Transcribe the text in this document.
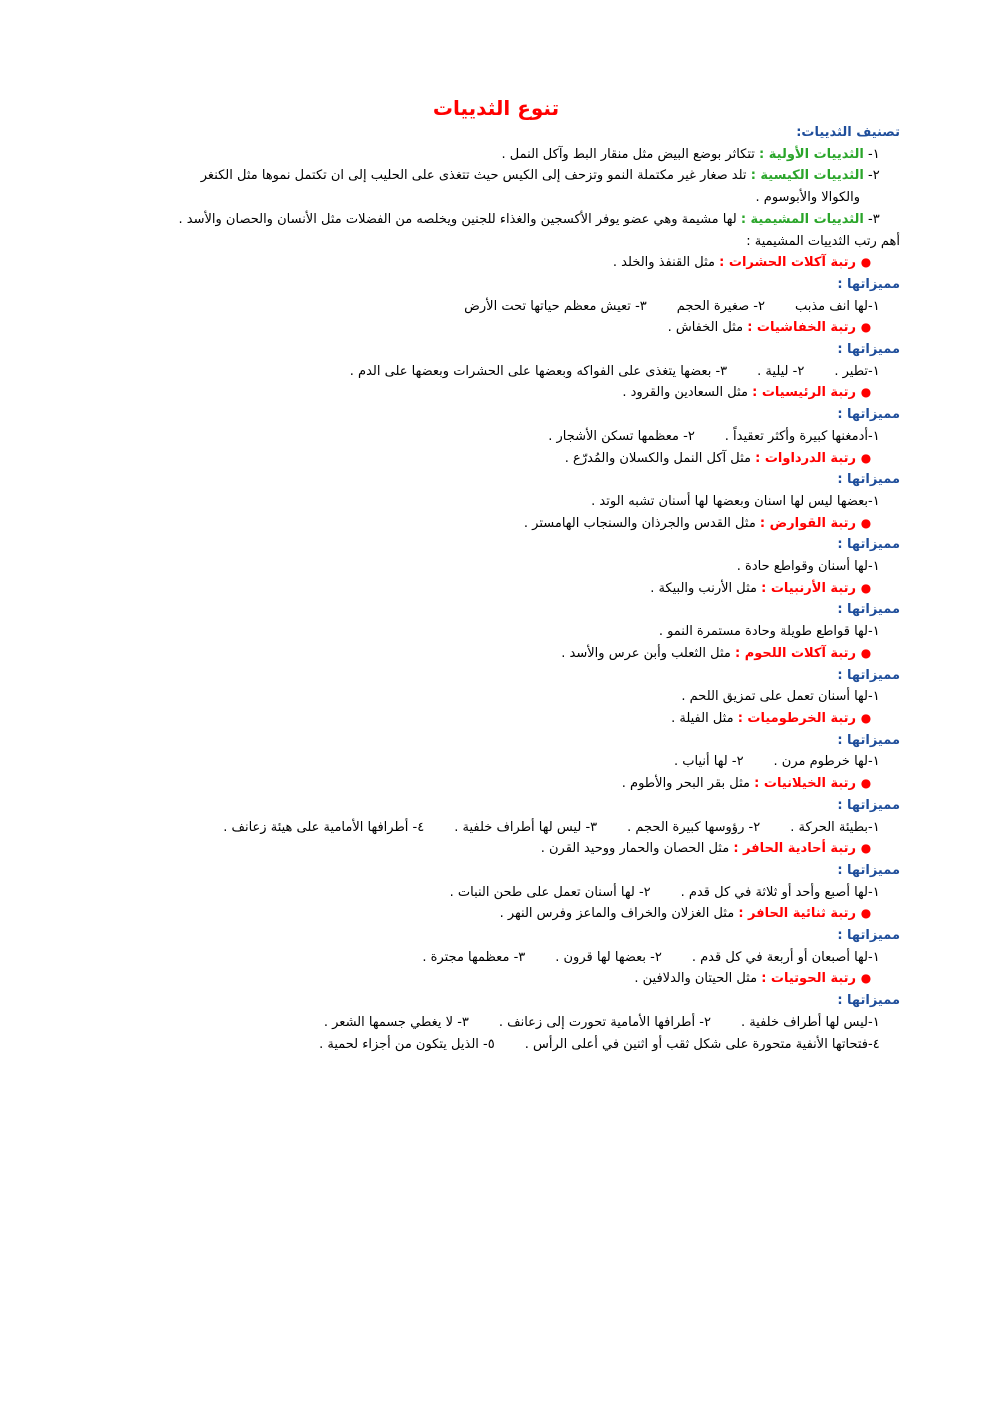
تنوع الثدييات
تصنيف الثدييات:
١- الثدييات الأولية : تتكاثر بوضع البيض مثل منقار البط وآكل النمل .
٢- الثدييات الكيسية : تلد صغار غير مكتملة النمو وتزحف إلى الكيس حيث تتغذى على الحليب إلى ان تكتمل نموها مثل الكنغر
والكوالا والأبوسوم .
٣- الثدييات المشيمية : لها مشيمة وهي عضو يوفر الأكسجين والغذاء للجنين ويخلصه من الفضلات مثل الأنسان والحصان والأسد .
أهم رتب الثدييات المشيمية :
●رتبة آكلات الحشرات : مثل القنفذ والخلد .
مميزاتها :
١-لها انف مذبب٢- صغيرة الحجم٣- تعيش معظم حياتها تحت الأرض
●رتبة الخفاشيات : مثل الخفاش .
مميزاتها :
١-تطير .٢- ليلية .٣- بعضها يتغذى على الفواكه وبعضها على الحشرات وبعضها على الدم .
●رتبة الرئيسيات : مثل السعادين والقرود .
مميزاتها :
١-أدمغنها كبيرة وأكثر تعقيداً .٢- معظمها تسكن الأشجار .
●رتبة الدرداوات : مثل آكل النمل والكسلان والمُدرّع .
مميزاتها :
١-بعضها ليس لها اسنان وبعضها لها أسنان تشبه الوتد .
●رتبة القوارض : مثل القدس والجرذان والسنجاب الهامستر .
مميزاتها :
١-لها أسنان وقواطع حادة .
●رتبة الأرنبيات : مثل الأرنب والبيكة .
مميزاتها :
١-لها قواطع طويلة وحادة مستمرة النمو .
●رتبة آكلات اللحوم : مثل الثعلب وأبن عرس والأسد .
مميزاتها :
١-لها أسنان تعمل على تمزيق اللحم .
●رتبة الخرطوميات : مثل الفيلة .
مميزاتها :
١-لها خرطوم مرن .٢- لها أنياب .
●رتبة الخيلانيات : مثل بقر البحر والأطوم .
مميزاتها :
١-بطيئة الحركة .٢- رؤوسها كبيرة الحجم .٣- ليس لها أطراف خلفية .٤- أطرافها الأمامية على هيئة زعانف .
●رتبة أحادية الحافر : مثل الحصان والحمار ووحيد القرن .
مميزاتها :
١-لها أصبع وأحد أو ثلاثة في كل قدم .٢- لها أسنان تعمل على طحن النبات .
●رتبة ثنائية الحافر : مثل الغزلان والخراف والماعز وفرس النهر .
مميزاتها :
١-لها أصبعان أو أربعة في كل قدم .٢- بعضها لها قرون .٣- معظمها مجترة .
●رتبة الحوتيات : مثل الحيتان والدلافين .
مميزاتها :
١-ليس لها أطراف خلفية .٢- أطرافها الأمامية تحورت إلى زعانف .٣- لا يغطي جسمها الشعر .
٤-فتحاتها الأنفية متحورة على شكل ثقب أو اثنين في أعلى الرأس .٥- الذيل يتكون من أجزاء لحمية .
